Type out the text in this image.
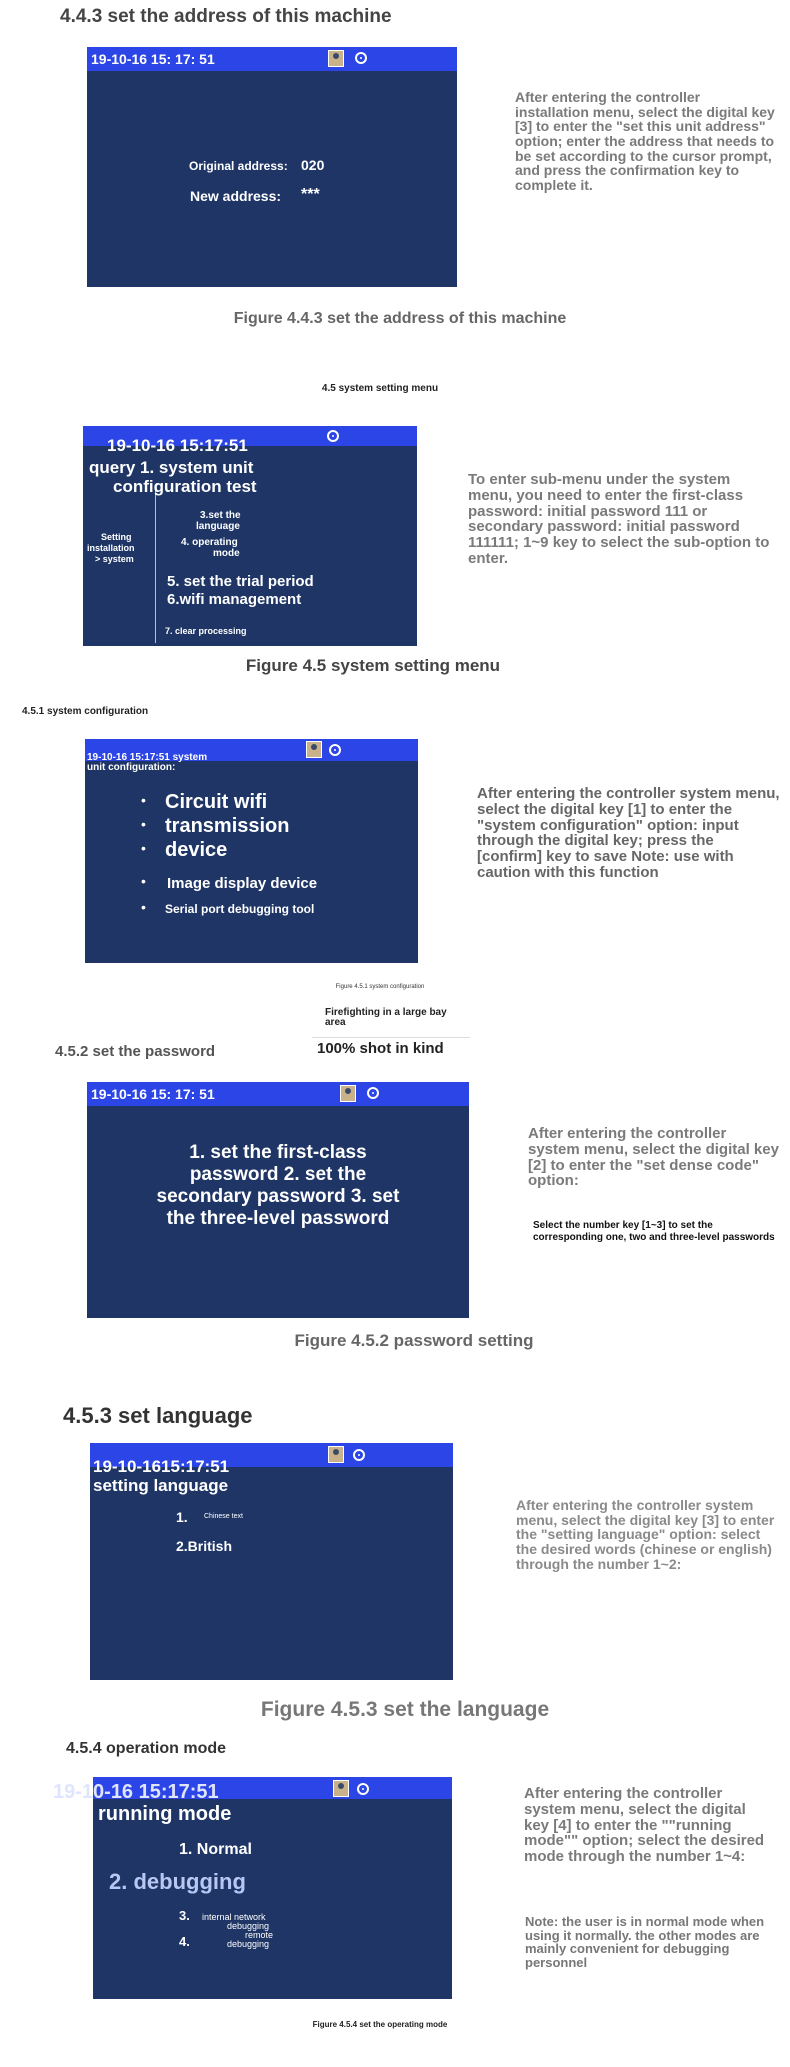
4.4.3 set the address of this machine
19-10-16 15: 17: 51
Original address: 020
New address: ***
After entering the controller installation menu, select the digital key [3] to enter the "set this unit address" option; enter the address that needs to be set according to the cursor prompt, and press the confirmation key to complete it.
Figure 4.4.3 set the address of this machine
4.5 system setting menu
19-10-16 15:17:51
query 1. system unit
configuration test
Setting
installation
> system
3.set the
language
4. operating
mode
5. set the trial period
6.wifi management
7. clear processing
To enter sub-menu under the system menu, you need to enter the first-class password: initial password 111 or secondary password: initial password 111111; 1~9 key to select the sub-option to enter.
Figure 4.5 system setting menu
4.5.1 system configuration
19-10-16 15:17:51 system
unit configuration:
• Circuit wifi
• transmission
• device
• Image display device
• Serial port debugging tool
After entering the controller system menu, select the digital key [1] to enter the "system configuration" option: input through the digital key; press the [confirm] key to save Note: use with caution with this function
Figure 4.5.1 system configuration
Firefighting in a large bay area
100% shot in kind
4.5.2 set the password
19-10-16 15: 17: 51
1. set the first-class
password 2. set the
secondary password 3. set
the three-level password
After entering the controller system menu, select the digital key [2] to enter the "set dense code" option:
Select the number key [1~3] to set the corresponding one, two and three-level passwords
Figure 4.5.2 password setting
4.5.3 set language
19-10-1615:17:51
setting language
1. Chinese text
2.British
After entering the controller system menu, select the digital key [3] to enter the "setting language" option: select the desired words (chinese or english) through the number 1~2:
Figure 4.5.3 set the language
4.5.4 operation mode
19-10-16 15:17:51
running mode
1. Normal
2. debugging
3.
4.
internal network
debugging
remote
debugging
After entering the controller system menu, select the digital key [4] to enter the ""running mode"" option; select the desired mode through the number 1~4:
Note: the user is in normal mode when using it normally. the other modes are mainly convenient for debugging personnel
Figure 4.5.4 set the operating mode
